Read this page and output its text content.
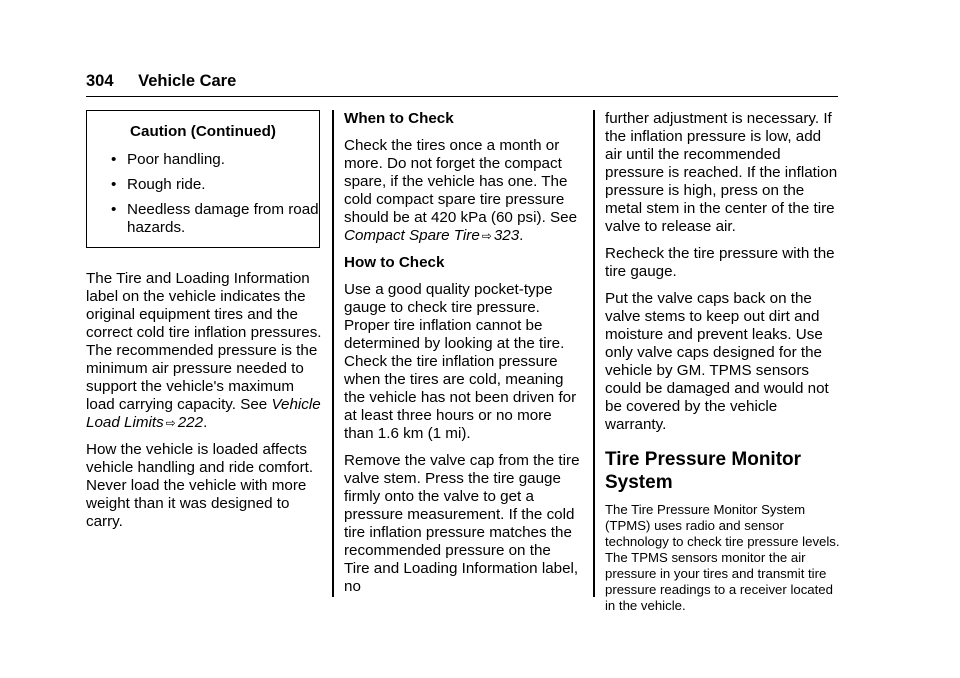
304 Vehicle Care
Caution (Continued)
• Poor handling.
• Rough ride.
• Needless damage from road hazards.

The Tire and Loading Information label on the vehicle indicates the original equipment tires and the correct cold tire inflation pressures. The recommended pressure is the minimum air pressure needed to support the vehicle's maximum load carrying capacity. See Vehicle Load Limits ⇨ 222.

How the vehicle is loaded affects vehicle handling and ride comfort. Never load the vehicle with more weight than it was designed to carry.

When to Check

Check the tires once a month or more. Do not forget the compact spare, if the vehicle has one. The cold compact spare tire pressure should be at 420 kPa (60 psi). See Compact Spare Tire ⇨ 323.

How to Check

Use a good quality pocket-type gauge to check tire pressure. Proper tire inflation cannot be determined by looking at the tire. Check the tire inflation pressure when the tires are cold, meaning the vehicle has not been driven for at least three hours or no more than 1.6 km (1 mi).

Remove the valve cap from the tire valve stem. Press the tire gauge firmly onto the valve to get a pressure measurement. If the cold tire inflation pressure matches the recommended pressure on the Tire and Loading Information label, no

further adjustment is necessary. If the inflation pressure is low, add air until the recommended pressure is reached. If the inflation pressure is high, press on the metal stem in the center of the tire valve to release air.

Recheck the tire pressure with the tire gauge.

Put the valve caps back on the valve stems to keep out dirt and moisture and prevent leaks. Use only valve caps designed for the vehicle by GM. TPMS sensors could be damaged and would not be covered by the vehicle warranty.

Tire Pressure Monitor System

The Tire Pressure Monitor System (TPMS) uses radio and sensor technology to check tire pressure levels. The TPMS sensors monitor the air pressure in your tires and transmit tire pressure readings to a receiver located in the vehicle.
